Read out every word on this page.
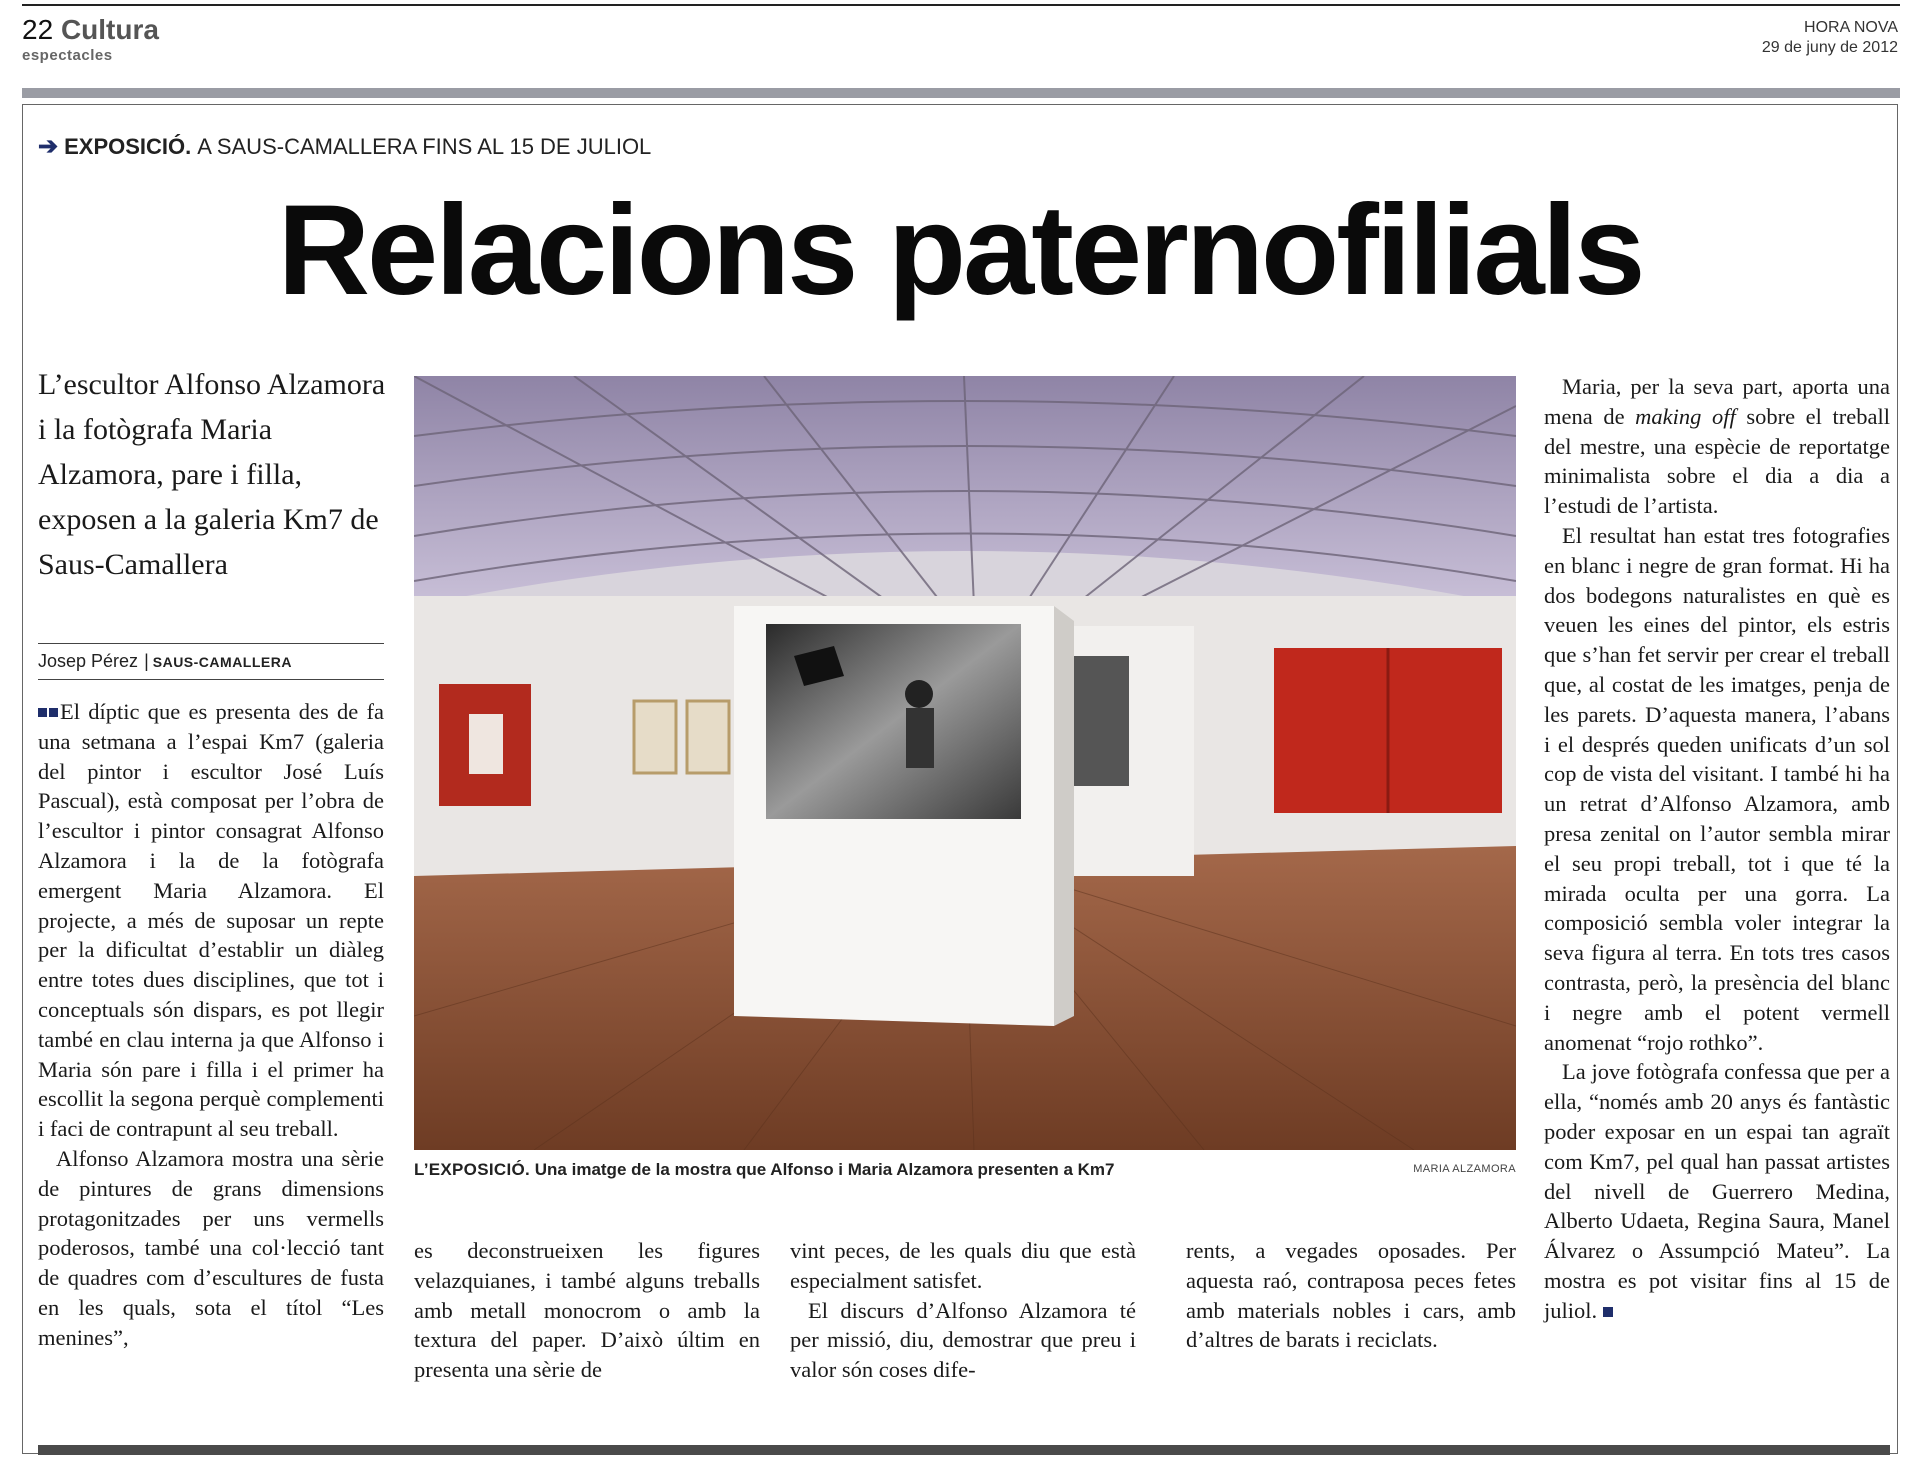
22 Cultura
espectacles
HORA NOVA
29 de juny de 2012
➔ EXPOSICIÓ. A SAUS-CAMALLERA FINS AL 15 DE JULIOL
Relacions paternofilials
L’escultor Alfonso Alzamora i la fotògrafa Maria Alzamora, pare i filla, exposen a la galeria Km7 de Saus-Camallera
Josep Pérez | SAUS-CAMALLERA

El díptic que es presenta des de fa una setmana a l’espai Km7 (galeria del pintor i escultor José Luís Pascual), està composat per l’obra de l’escultor i pintor consagrat Alfonso Alzamora i la de la fotògrafa emergent Maria Alzamora. El projecte, a més de suposar un repte per la dificultat d’establir un diàleg entre totes dues disciplines, que tot i conceptuals són dispars, es pot llegir també en clau interna ja que Alfonso i Maria són pare i filla i el primer ha escollit la segona perquè complementi i faci de contrapunt al seu treball.

Alfonso Alzamora mostra una sèrie de pintures de grans dimensions protagonitzades per uns vermells poderosos, també una col·lecció tant de quadres com d’escultures de fusta en les quals, sota el títol “Les menines”,

L’EXPOSICIÓ. Una imatge de la mostra que Alfonso i Maria Alzamora presenten a Km7	MARIA ALZAMORA

es deconstrueixen les figures velazquianes, i també alguns treballs amb metall monocrom o amb la textura del paper. D’això últim en presenta una sèrie de

vint peces, de les quals diu que està especialment satisfet.

El discurs d’Alfonso Alzamora té per missió, diu, demostrar que preu i valor són coses dife-

rents, a vegades oposades. Per aquesta raó, contraposa peces fetes amb materials nobles i cars, amb d’altres de barats i reciclats.

Maria, per la seva part, aporta una mena de making off sobre el treball del mestre, una espècie de reportatge minimalista sobre el dia a dia a l’estudi de l’artista.

El resultat han estat tres fotografies en blanc i negre de gran format. Hi ha dos bodegons naturalistes en què es veuen les eines del pintor, els estris que s’han fet servir per crear el treball que, al costat de les imatges, penja de les parets. D’aquesta manera, l’abans i el després queden unificats d’un sol cop de vista del visitant. I també hi ha un retrat d’Alfonso Alzamora, amb presa zenital on l’autor sembla mirar el seu propi treball, tot i que té la mirada oculta per una gorra. La composició sembla voler integrar la seva figura al terra. En tots tres casos contrasta, però, la presència del blanc i negre amb el potent vermell anomenat “rojo rothko”.

La jove fotògrafa confessa que per a ella, “només amb 20 anys és fantàstic poder exposar en un espai tan agraït com Km7, pel qual han passat artistes del nivell de Guerrero Medina, Alberto Udaeta, Regina Saura, Manel Álvarez o Assumpció Mateu”. La mostra es pot visitar fins al 15 de juliol.
